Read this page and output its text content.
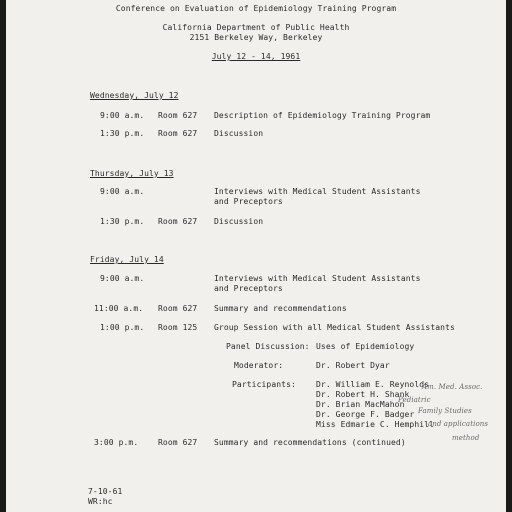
Conference on Evaluation of Epidemiology Training Program
California Department of Public Health
2151 Berkeley Way, Berkeley
July 12 - 14, 1961
Wednesday, July 12
9:00 a.m. Room 627 Description of Epidemiology Training Program
1:30 p.m. Room 627 Discussion
Thursday, July 13
9:00 a.m.	Interviews with Medical Student Assistants
and Preceptors
1:30 p.m. Room 627 Discussion
Friday, July 14
9:00 a.m.	Interviews with Medical Student Assistants
and Preceptors
11:00 a.m. Room 627 Summary and recommendations
1:00 p.m. Room 125 Group Session with all Medical Student Assistants
Panel Discussion: Uses of Epidemiology
Moderator:	Dr. Robert Dyar
Participants:	Dr. William E. Reynolds
Dr. Robert H. Shank
Dr. Brian MacMahon
Dr. George F. Badger
Miss Edmarie C. Hemphill
Am. Med. Assoc.
Pediatric
Family Studies
and applications
method
3:00 p.m. Room 627 Summary and recommendations (continued)
7-10-61
WR:hc
